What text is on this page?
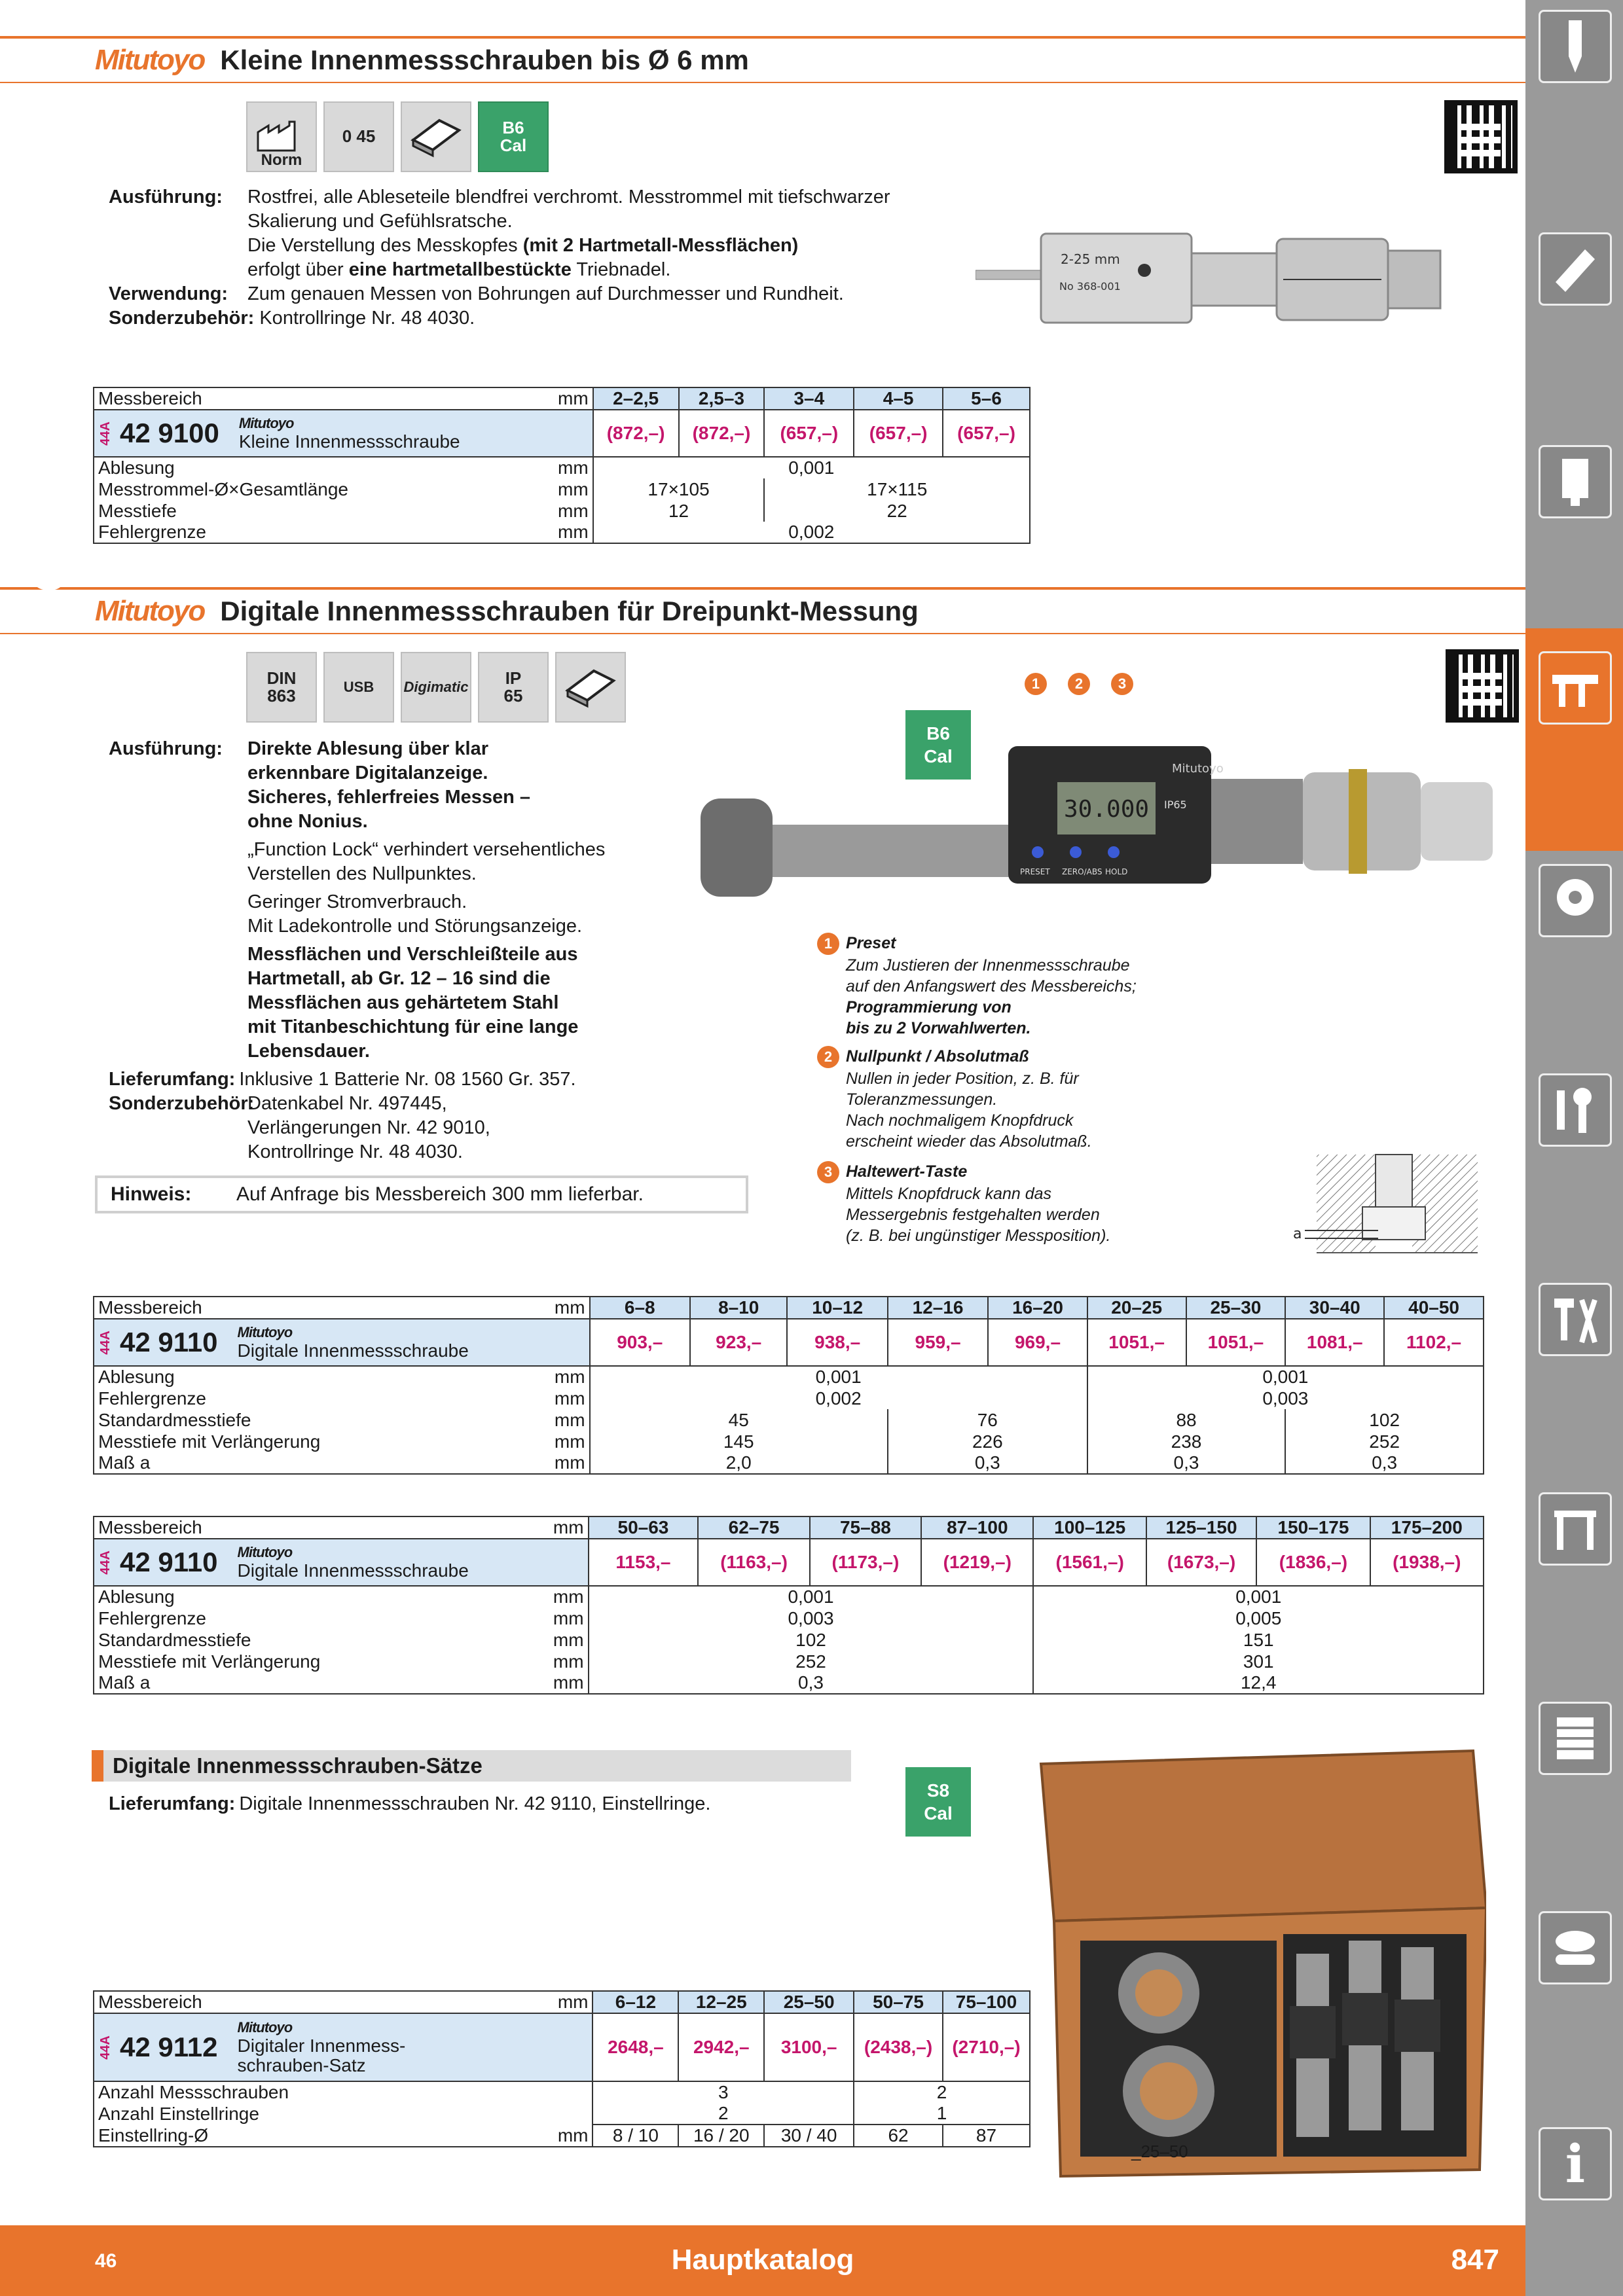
Mitutoyo Kleine Innenmessschrauben bis Ø 6 mm
Norm
0 45	B6 Cal
Ausführung:	Rostfrei, alle Ableseteile blendfrei verchromt. Messtrommel mit tiefschwarzer
Skalierung und Gefühlsratsche.
Die Verstellung des Messkopfes (mit 2 Hartmetall-Messflächen)
erfolgt über eine hartmetallbestückte Triebnadel.
Verwendung:	Zum genauen Messen von Bohrungen auf Durchmesser und Rundheit.
Sonderzubehör: Kontrollringe Nr. 48 4030.
2-25 mm
No 368-001
Messbereich	mm	2–2,5	2,5–3	3–4	4–5	5–6

44A 42 9100 Mitutoyo
Kleine Innenmessschraube		(872,–)	(872,–)	(657,–)	(657,–)	(657,–)
Ablesung	mm	0,001				
Messtrommel-Ø×Gesamtlänge	mm	17×105		17×115		
Messtiefe	mm	12		22		
Fehlergrenze	mm	0,002				
Mitutoyo Digitale Innenmessschrauben für Dreipunkt-Messung
DIN 863	USB Digimatic	IP 65
B6
Cal
Ausführung:	Direkte Ablesung über klar
erkennbare Digitalanzeige.
Sicheres, fehlerfreies Messen –
ohne Nonius.
„Function Lock“ verhindert versehentliches
Verstellen des Nullpunktes.
Geringer Stromverbrauch.
Mit Ladekontrolle und Störungsanzeige.
Messflächen und Verschleißteile aus
Hartmetall, ab Gr. 12 – 16 sind die
Messflächen aus gehärtetem Stahl
mit Titanbeschichtung für eine lange
Lebensdauer.
Lieferumfang: Inklusive 1 Batterie Nr. 08 1560 Gr. 357.
Sonderzubehör:
Datenkabel Nr. 497445,
Verlängerungen Nr. 42 9010,
Kontrollringe Nr. 48 4030.
Hinweis:	Auf Anfrage bis Messbereich 300 mm lieferbar.
1	2	3
30.000
Mitutoyo
IP65
PRESET ZERO/ABS HOLD
1 Preset
Zum Justieren der Innenmessschraube
auf den Anfangswert des Messbereichs;
Programmierung von
bis zu 2 Vorwahlwerten.
2 Nullpunkt / Absolutmaß
Nullen in jeder Position, z. B. für
Toleranzmessungen.
Nach nochmaligem Knopfdruck
erscheint wieder das Absolutmaß.
3 Haltewert-Taste
Mittels Knopfdruck kann das
Messergebnis festgehalten werden
(z. B. bei ungünstiger Messposition).	a
Messbereich	mm	6–8	8–10	10–12	12–16	16–20	20–25	25–30	30–40	40–50

44A 42 9110 Mitutoyo
Digitale Innenmessschraube		903,–	923,–	938,–	959,–	969,–	1051,–	1051,–	1081,–	1102,–
Ablesung	mm	0,001					0,001			
Fehlergrenze	mm	0,002					0,003			
Standardmesstiefe	mm	45			76		88		102	
Messtiefe mit Verlängerung	mm	145			226		238		252	
Maß a	mm	2,0			0,3		0,3		0,3	
Messbereich	mm	50–63	62–75	75–88	87–100	100–125	125–150	150–175	175–200

44A 42 9110 Mitutoyo
Digitale Innenmessschraube		1153,–	(1163,–)	(1173,–)	(1219,–)	(1561,–)	(1673,–)	(1836,–)	(1938,–)
Ablesung	mm	0,001				0,001			
Fehlergrenze	mm	0,003				0,005			
Standardmesstiefe	mm	102				151			
Messtiefe mit Verlängerung	mm	252				301			
Maß a	mm	0,3				12,4			
Digitale Innenmessschrauben-Sätze
Lieferumfang: Digitale Innenmessschrauben Nr. 42 9110, Einstellringe.
S8
Cal
_25–50
Messbereich	mm	6–12	12–25	25–50	50–75	75–100

44A 42 9112
Mitutoyo
Digitaler Innenmess-
schrauben-Satz		2648,–	2942,–	3100,–	(2438,–)	(2710,–)
Anzahl Messschrauben		3			2	
Anzahl Einstellringe		2			1	
Einstellring-Ø	mm	8 / 10	16 / 20	30 / 40	62	87
1
2
3
4
5
6
7
8
9
0
i
46	Hauptkatalog	847
